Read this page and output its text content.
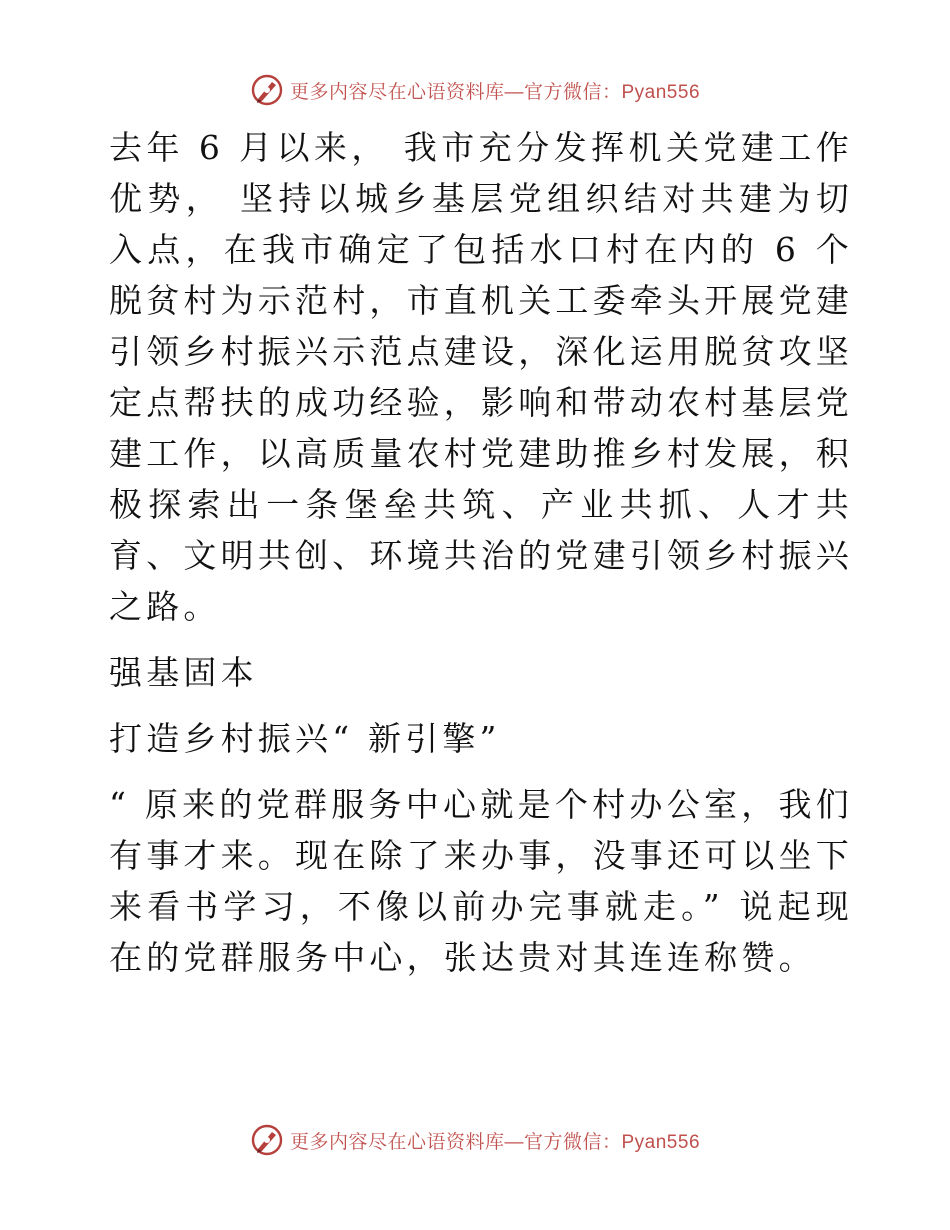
更多内容尽在心语资料库—官方微信：Pyan556

去年 6 月以来， 我市充分发挥机关党建工作优势， 坚持以城乡基层党组织结对共建为切入点，在我市确定了包括水口村在内的 6 个脱贫村为示范村，市直机关工委牵头开展党建引领乡村振兴示范点建设，深化运用脱贫攻坚定点帮扶的成功经验，影响和带动农村基层党建工作，以高质量农村党建助推乡村发展，积极探索出一条堡垒共筑、产业共抓、人才共育、文明共创、环境共治的党建引领乡村振兴之路。

强基固本

打造乡村振兴“ 新引擎”

“ 原来的党群服务中心就是个村办公室，我们有事才来。现在除了来办事，没事还可以坐下来看书学习，不像以前办完事就走。” 说起现在的党群服务中心，张达贵对其连连称赞。

更多内容尽在心语资料库—官方微信：Pyan556
